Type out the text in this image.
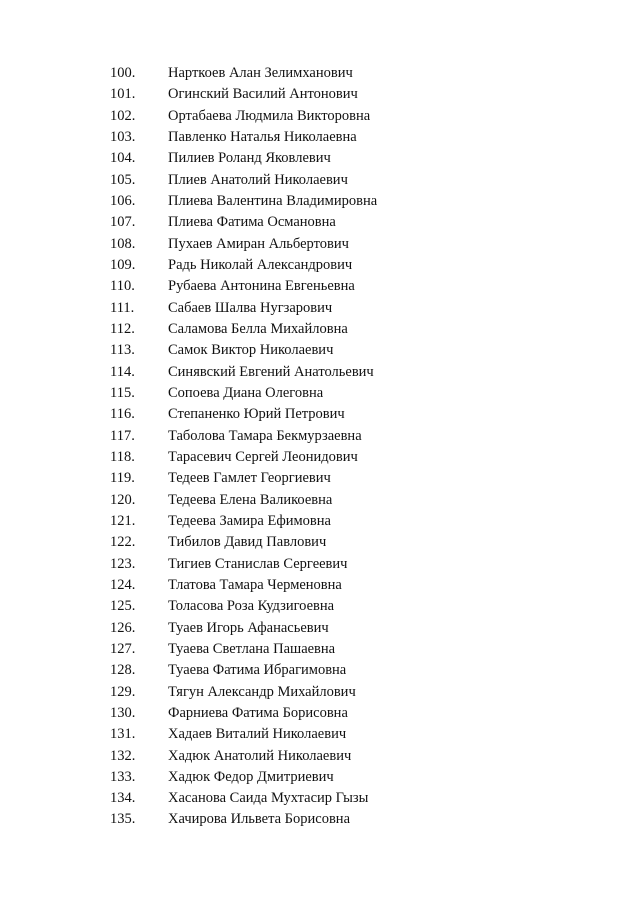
100.	Нарткоев Алан Зелимханович
101.	Огинский Василий Антонович
102.	Ортабаева Людмила Викторовна
103.	Павленко Наталья Николаевна
104.	Пилиев Роланд Яковлевич
105.	Плиев Анатолий Николаевич
106.	Плиева Валентина Владимировна
107.	Плиева Фатима Османовна
108.	Пухаев Амиран Альбертович
109.	Радь Николай Александрович
110.	Рубаева Антонина Евгеньевна
111.	Сабаев Шалва Нугзарович
112.	Саламова Белла Михайловна
113.	Самок Виктор Николаевич
114.	Синявский Евгений Анатольевич
115.	Сопоева Диана Олеговна
116.	Степаненко Юрий Петрович
117.	Таболова Тамара Бекмурзаевна
118.	Тарасевич Сергей Леонидович
119.	Тедеев Гамлет Георгиевич
120.	Тедеева Елена Валикоевна
121.	Тедеева Замира Ефимовна
122.	Тибилов Давид Павлович
123.	Тигиев Станислав Сергеевич
124.	Тлатова Тамара Черменовна
125.	Толасова Роза Кудзигоевна
126.	Туаев Игорь Афанасьевич
127.	Туаева Светлана Пашаевна
128.	Туаева Фатима Ибрагимовна
129.	Тягун Александр Михайлович
130.	Фарниева Фатима Борисовна
131.	Хадаев Виталий Николаевич
132.	Хадюк Анатолий Николаевич
133.	Хадюк Федор Дмитриевич
134.	Хасанова Саида Мухтасир Гызы
135.	Хачирова Ильвета Борисовна
